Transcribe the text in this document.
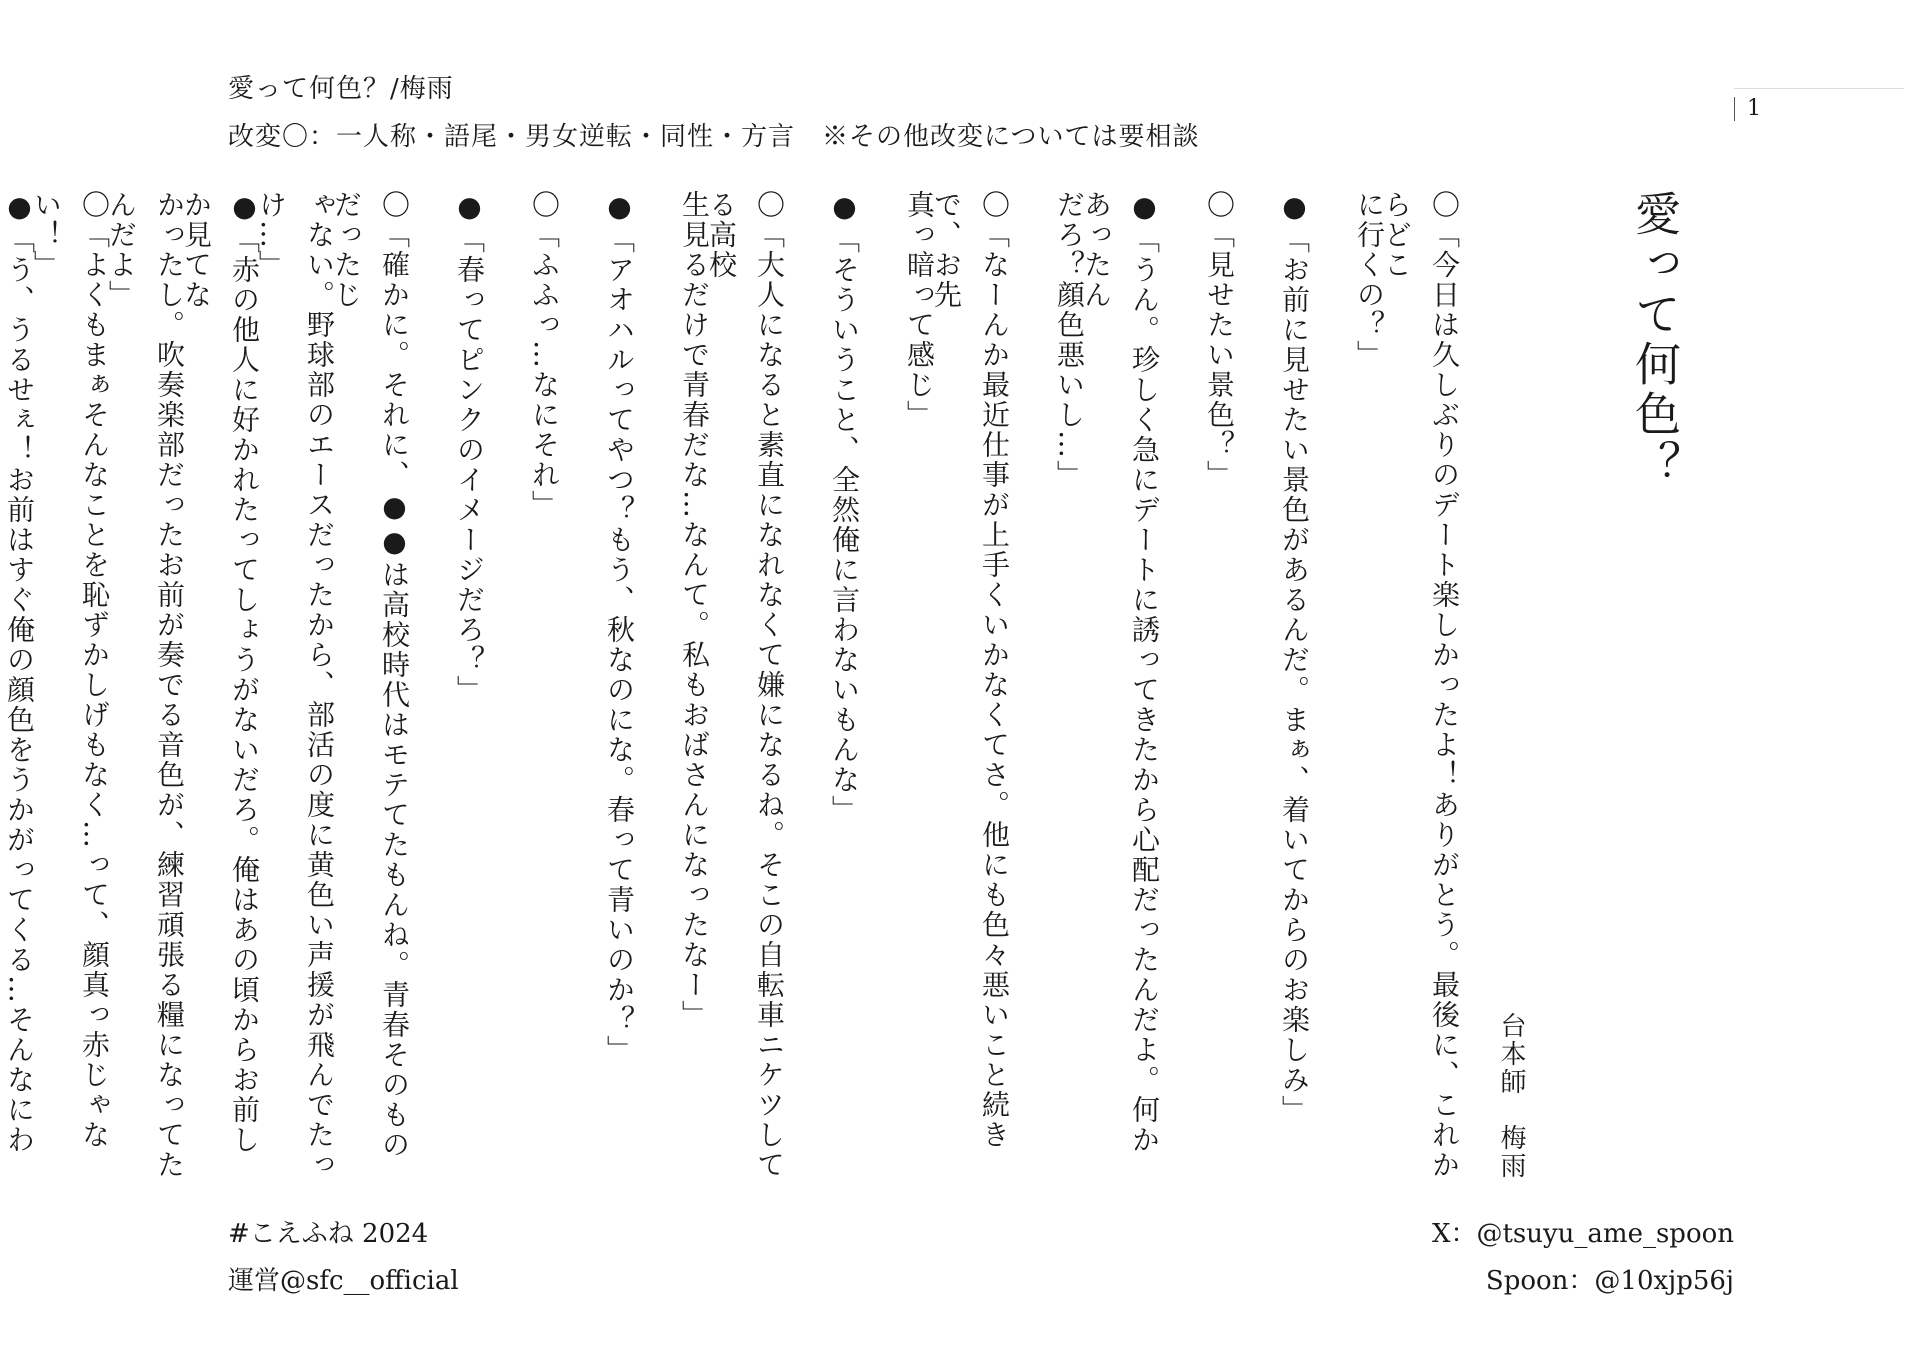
愛って何色？/梅雨
改変〇：一人称・語尾・男女逆転・同性・方言　※その他改変については要相談
1
愛って何色？
台本師　梅雨
〇「今日は久しぶりのデート楽しかったよ！ありがとう。最後に、これからどこ
に行くの？」
●「お前に見せたい景色があるんだ。まぁ、着いてからのお楽しみ」
〇「見せたい景色？」
●「うん。珍しく急にデートに誘ってきたから心配だったんだよ。何かあったん
だろ？顔色悪いし…」
〇「なーんか最近仕事が上手くいかなくてさ。他にも色々悪いこと続きで、お先
真っ暗って感じ」
●「そういうこと、全然俺に言わないもんな」
〇「大人になると素直になれなくて嫌になるね。そこの自転車ニケツしてる高校
生見るだけで青春だな…なんて。私もおばさんになったなー」
●「アオハルってやつ？もう、秋なのにな。春って青いのか？」
〇「ふふっ…なにそれ」
●「春ってピンクのイメージだろ？」
〇「確かに。それに、●●は高校時代はモテてたもんね。青春そのものだったじ
ゃない。野球部のエースだったから、部活の度に黄色い声援が飛んでたっけ…」
●「赤の他人に好かれたってしょうがないだろ。俺はあの頃からお前しか見てな
かったし。吹奏楽部だったお前が奏でる音色が、練習頑張る糧になってたんだよ」
〇「よくもまぁそんなことを恥ずかしげもなく…って、顔真っ赤じゃない！」
●「う、うるせぇ！お前はすぐ俺の顔色をうかがってくる…そんなにわ
#こえふね 2024
運営@sfc__official
X：@tsuyu_ame_spoon
Spoon：@10xjp56j
